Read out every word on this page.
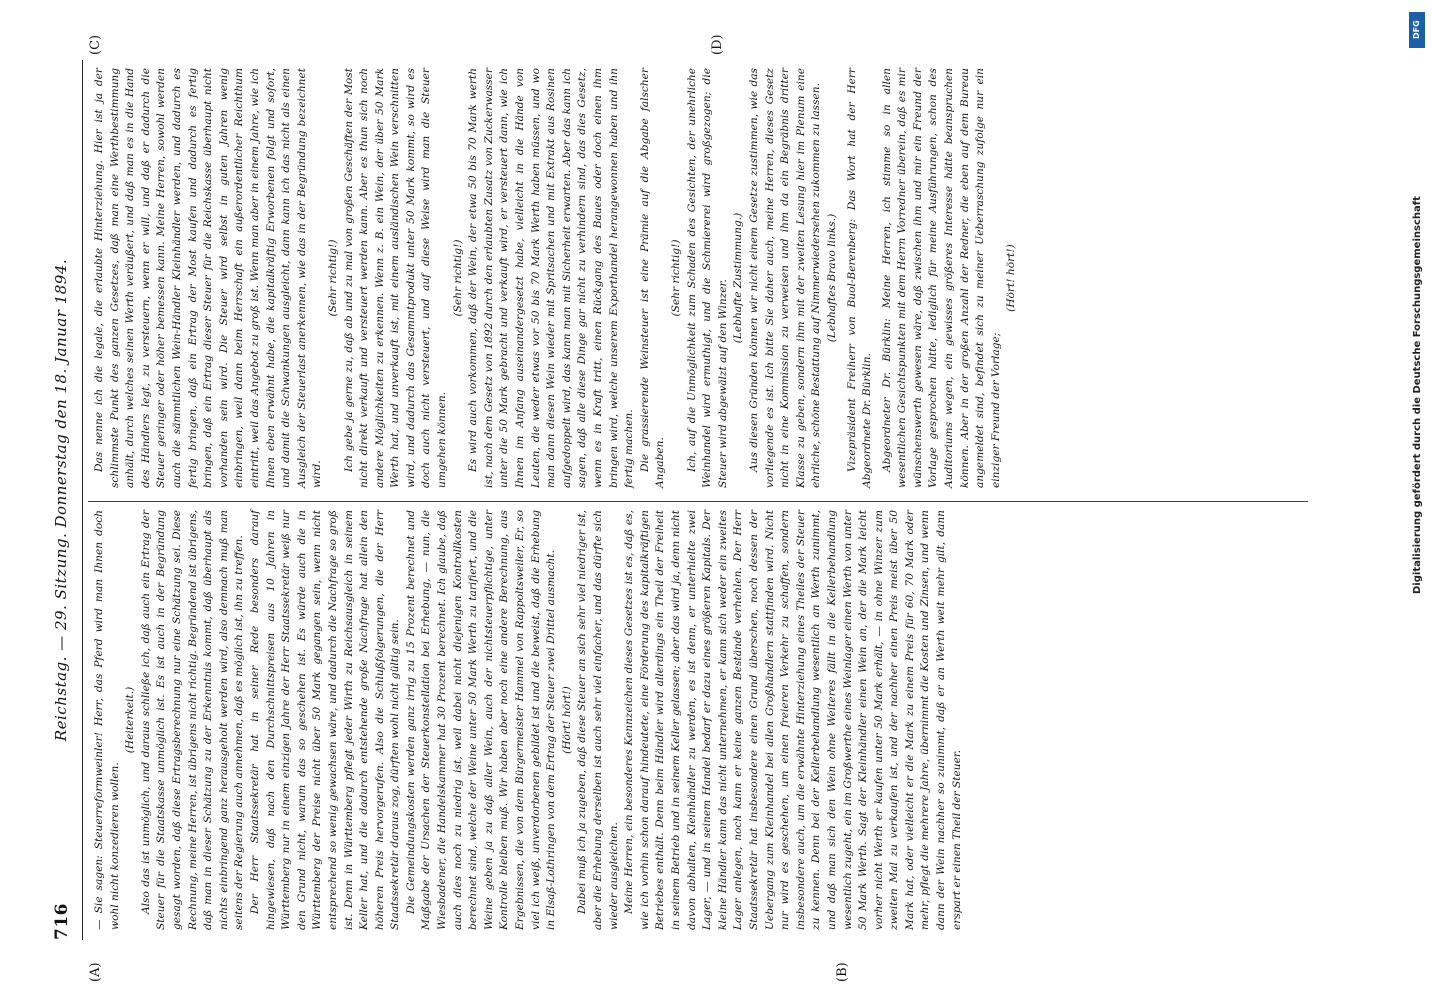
716
Reichstag. — 29. Sitzung. Donnerstag den 18. Januar 1894.
(A)	(B)
(C)	(D)

— Sie sagen: Steuerreformweinler! Herr, das Pferd wird man Ihnen doch wohl nicht konzedieren wollen.

(Heiterkeit.) Also das ist unmöglich, und daraus schließe ich, daß auch ein Ertrag der Steuer für die Staatskasse unmöglich ist. Es ist auch in der Begründung gesagt worden, daß diese Ertragsberechnung nur eine Schätzung sei. Diese Rechnung, meine Herren, ist übrigens nicht richtig. Begründend ist übrigens, daß man in dieser Schätzung zu der Erkenntnis kommt, daß überhaupt als nichts einbringend ganz herausgeholt werden wird, also demnach muß man seitens der Regierung auch annehmen, daß es möglich ist, ihn zu treffen. Der Herr Staatssekretär hat in seiner Rede besonders darauf hingewiesen, daß nach den Durchschnittspreisen aus 10 Jahren in Württemberg nur in einem einzigen Jahre der Herr Staatssekretär weiß nur den Grund nicht, warum das so geschehen ist. Es würde auch die in Württemberg der Preise nicht über 50 Mark gegangen sein, wenn nicht entsprechend so wenig gewachsen wäre, und dadurch die Nachfrage so groß ist. Denn in Württemberg pflegt jeder Wirth zu Reichsausgleich in seinem Keller hat, und die dadurch entstehende große Nachfrage hat allein den höheren Preis hervorgerufen. Also die Schlußfolgerungen, die der Herr Staatssekretär daraus zog, dürften wohl nicht gültig sein. Die Gemeindungskosten werden ganz irrig zu 15 Prozent berechnet und Maßgabe der Ursachen der Steuerkonstellation bei Erhebung, — nun, die Wiesbadener, die Handelskammer hat 30 Prozent berechnet. Ich glaube, daß auch dies noch zu niedrig ist, weil dabei nicht diejenigen Kontrollkosten berechnet sind, welche der Weine unter 50 Mark Werth zu tarifiert, und die Weine geben ja zu daß aller Wein, auch der nichtsteuerpflichtige, unter Kontrolle bleiben muß. Wir haben aber noch eine andere Berechnung, aus Ergebnissen, die von dem Bürgermeister Hammel von Rappoltsweiler, Er, so viel ich weiß, unverdorbenen gebildet ist und die beweist, daß die Erhebung in Elsaß-Lothringen von dem Ertrag der Steuer zwei Drittel ausmacht. (Hört! hört!) Dabei muß ich ja zugeben, daß diese Steuer an sich sehr viel niedriger ist, aber die Erhebung derselben ist auch sehr viel einfacher, und das dürfte sich wieder ausgleichen. Meine Herren, ein besonderes Kennzeichen dieses Gesetzes ist es, daß es, wie ich vorhin schon darauf hindeutete, eine Förderung des kapitalkräftigen Betriebes enthält. Denn beim Händler wird allerdings ein Theil der Freiheit in seinem Betrieb und in seinem Keller gelassen; aber das wird ja, denn nicht davon abhalten, Kleinhändler zu werden, es ist denn, er unterhielte zwei Lager, — und in seinem Handel bedarf er dazu eines größeren Kapitals. Der kleine Händler kann das nicht unternehmen, er kann sich weder ein zweites Lager anlegen, noch kann er keine ganzen Bestände verhehlen. Der Herr Staatssekretär hat insbesondere einen Grund überschen, noch dessen der Uebergang zum Kleinhandel bei allen Großhändlern stattfinden wird. Nicht nur wird es geschehen, um einen freieren Verkehr zu schaffen, sondern insbesondere auch, um die erwähnte Hinterziehung eines Theiles der Steuer zu kennen. Denn bei der Kellerbehandlung wesentlich an Werth zunimmt, und daß man sich den Wein ohne Weiteres fällt in die Kellerbehandlung wesentlich zugeht, ein im Großwerthe eines Weinlager einen Werth von unter 50 Mark Werth. Sagt der Kleinhändler einen Wein an, der die Mark leicht vorher nicht Werth er kaufen unter 50 Mark erhält, — in ohne Winzer zum zweiten Mal zu verkaufen ist, und der nachher einen Preis meist über 50 Mark hat, oder vielleicht er die Mark zu einem Preis für 60, 70 Mark oder mehr, pflegt die mehrere Jahre, übernimmt die Kosten und Zinsen, und wenn dann der Wein nachher so zunimmt, daß er an Werth weit mehr gilt, dann erspart er einen Theil der Steuer.

Das nenne ich die legale, die erlaubte Hinterziehung. Hier ist ja der schlimmste Punkt des ganzen Gesetzes, daß man eine Werthbestimmung anhält, durch welches seinen Werth veräußert, und daß man es in die Hand des Händlers legt, zu versteuern, wenn er will, und daß er dadurch die Steuer geringer oder höher bemessen kann. Meine Herren, sowohl werden auch die sämmtlichen Wein-Händler Kleinhändler werden, und dadurch es fertig bringen, daß ein Ertrag der Most kaufen und dadurch es fertig bringen, daß ein Ertrag dieser Steuer für die Reichskasse überhaupt nicht vorhanden sein wird. Die Steuer wird selbst in guten Jahren wenig einbringen, weil dann beim Herrschaft ein außerordentlicher Reichthum eintritt, weil das Angebot zu groß ist. Wenn man aber in einem Jahre, wie ich Ihnen eben erwähnt habe, die kapitalkräftig Erworbenen folgt und sofort, und damit die Schwankungen ausgleicht, dann kann ich das nicht als einen Ausgleich der Steuerlast anerkennen, wie das in der Begründung bezeichnet wird.

(Sehr richtig!) Ich gebe ja gerne zu, daß ab und zu mal von großen Geschäften der Most nicht direkt verkauft und versteuert werden kann. Aber es thun sich noch andere Möglichkeiten zu erkennen. Wenn z. B. ein Wein, der über 50 Mark Werth hat, und unverkauft ist, mit einem ausländischen Wein verschnitten wird, und dadurch das Gesammtprodukt unter 50 Mark kommt, so wird es doch auch nicht versteuert, und auf diese Weise wird man die Steuer umgehen können.

(Sehr richtig!) Es wird auch vorkommen, daß der Wein, der etwa 50 bis 70 Mark werth ist, nach dem Gesetz von 1892 durch den erlaubten Zusatz von Zuckerwasser unter die 50 Mark gebracht und verkauft wird, er versteuert dann, wie ich Ihnen im Anfang auseinandergesetzt habe, vielleicht in die Hände von Leuten, die weder etwas vor 50 bis 70 Mark Werth haben müssen, und wo man dann diesen Wein wieder mit Spritsachen und mit Extrakt aus Rosinen aufgedoppelt wird, das kann man mit Sicherheit erwarten. Aber das kann ich sagen, daß alle diese Dinge gar nicht zu verhindern sind, das dies Gesetz, wenn es in Kraft tritt, einen Rückgang des Baues oder doch einen ihm bringen wird, welche unserem Exporthandel herangewonnen haben und ihn fertig machen. Die grassierende Weinsteuer ist eine Prämie auf die Abgabe falscher Angaben.

(Sehr richtig!) Ich, auf die Unmöglichkeit zum Schaden des Gesichten, der unehrliche Weinhandel wird ermuthigt, und die Schmiererei wird großgezogen; die Steuer wird abgewälzt auf den Winzer.

(Lebhafte Zustimmung.) Aus diesen Gründen können wir nicht einem Gesetze zustimmen, wie das vorliegende es ist. Ich bitte Sie daher auch, meine Herren, dieses Gesetz nicht in eine Kommission zu verweisen und ihm da ein Begräbnis dritter Klasse zu geben, sondern ihm mit der zweiten Lesung hier im Plenum eine ehrliche, schöne Bestattung auf Nimmerwiedersehen zukommen zu lassen. (Lebhaftes Bravo links.) Vizepräsident Freiherr von Buol-Berenberg: Das Wort hat der Herr Abgeordnete Dr. Bürklin. Abgeordneter Dr. Bürklin: Meine Herren, ich stimme so in allen wesentlichen Gesichtspunkten mit dem Herrn Vorredner überein, daß es mir wünschenswerth gewesen wäre, daß zwischen ihm und mir ein Freund der Vorlage gesprochen hätte, lediglich für meine Ausführungen, schon des Auditoriums wegen, ein gewisses größeres Interesse hätte beanspruchen können. Aber in der großen Anzahl der Redner, die eben auf dem Bureau angemeldet sind, befindet sich zu meiner Ueberraschung zufolge nur ein einziger Freund der Vorlage;

(Hört! hört!)

DFG
Digitalisierung gefördert durch die Deutsche Forschungsgemeinschaft
